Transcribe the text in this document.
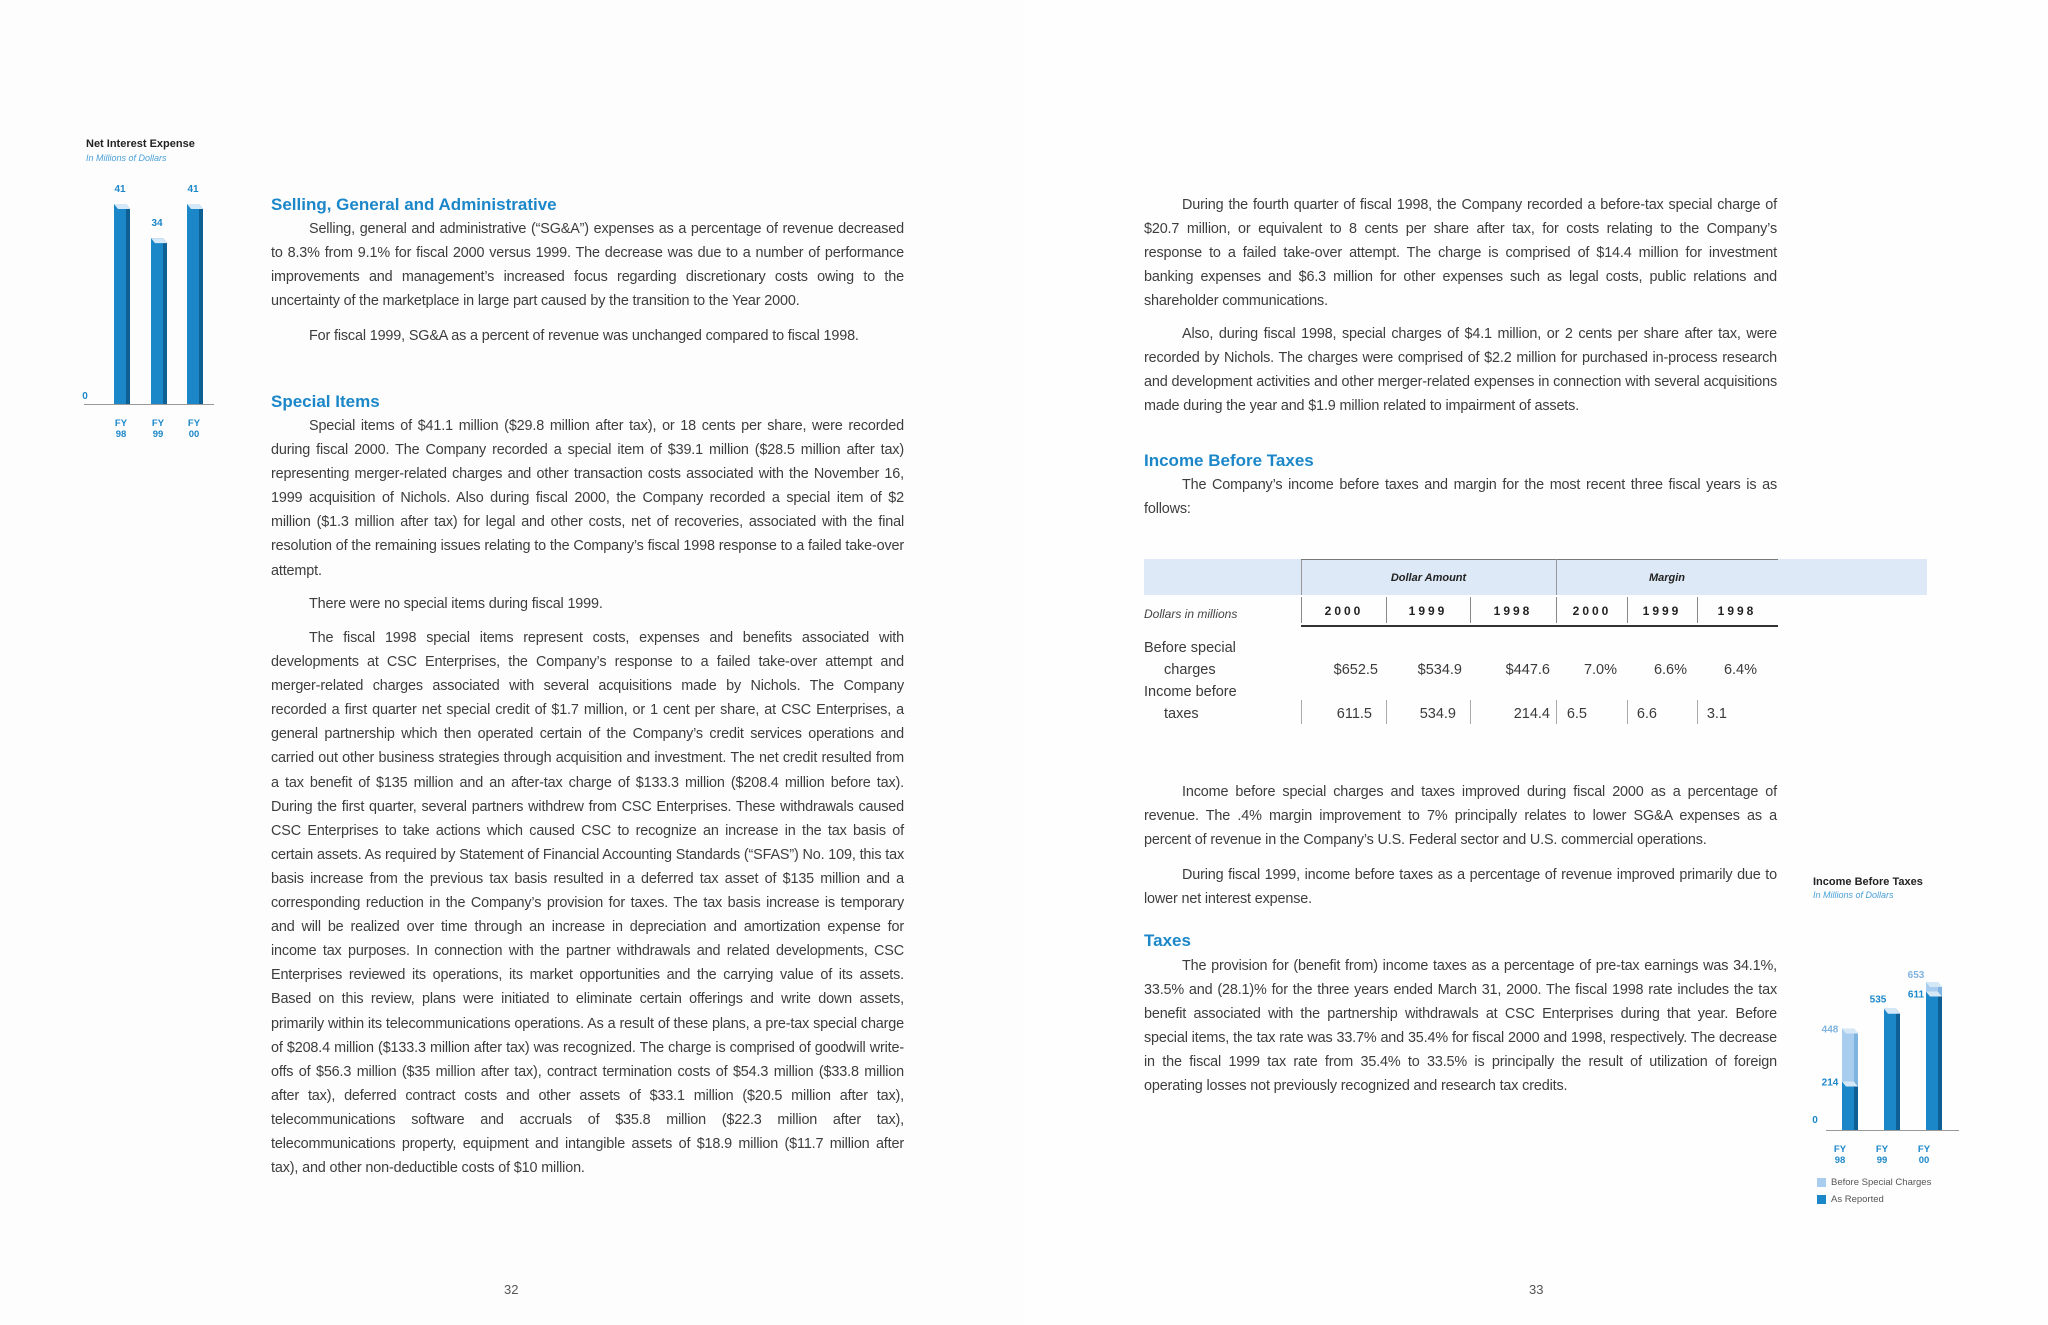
Net Interest Expense
In Millions of Dollars
41
34
41
0
FY
98
FY
99
FY
00
Selling, General and Administrative

Selling, general and administrative (“SG&A”) expenses as a percentage of revenue decreased to 8.3% from 9.1% for fiscal 2000 versus 1999. The decrease was due to a number of performance improvements and management’s increased focus regarding discretionary costs owing to the uncertainty of the marketplace in large part caused by the transition to the Year 2000.

For fiscal 1999, SG&A as a percent of revenue was unchanged compared to fiscal 1998.

Special Items

Special items of $41.1 million ($29.8 million after tax), or 18 cents per share, were recorded during fiscal 2000. The Company recorded a special item of $39.1 million ($28.5 million after tax) representing merger-related charges and other transaction costs associated with the November 16, 1999 acquisition of Nichols. Also during fiscal 2000, the Company recorded a special item of $2 million ($1.3 million after tax) for legal and other costs, net of recoveries, associated with the final resolution of the remaining issues relating to the Company’s fiscal 1998 response to a failed take-over attempt.

There were no special items during fiscal 1999.

The fiscal 1998 special items represent costs, expenses and benefits associated with developments at CSC Enterprises, the Company’s response to a failed take-over attempt and merger-related charges associated with several acquisitions made by Nichols. The Company recorded a first quarter net special credit of $1.7 million, or 1 cent per share, at CSC Enterprises, a general partnership which then operated certain of the Company’s credit services operations and carried out other business strategies through acquisition and investment. The net credit resulted from a tax benefit of $135 million and an after-tax charge of $133.3 million ($208.4 million before tax). During the first quarter, several partners withdrew from CSC Enterprises. These withdrawals caused CSC Enterprises to take actions which caused CSC to recognize an increase in the tax basis of certain assets. As required by Statement of Financial Accounting Standards (“SFAS”) No. 109, this tax basis increase from the previous tax basis resulted in a deferred tax asset of $135 million and a corresponding reduction in the Company’s provision for taxes. The tax basis increase is temporary and will be realized over time through an increase in depreciation and amortization expense for income tax purposes. In connection with the partner withdrawals and related developments, CSC Enterprises reviewed its operations, its market opportunities and the carrying value of its assets. Based on this review, plans were initiated to eliminate certain offerings and write down assets, primarily within its telecommunications operations. As a result of these plans, a pre-tax special charge of $208.4 million ($133.3 million after tax) was recognized. The charge is comprised of goodwill write-offs of $56.3 million ($35 million after tax), contract termination costs of $54.3 million ($33.8 million after tax), deferred contract costs and other assets of $33.1 million ($20.5 million after tax), telecommunications software and accruals of $35.8 million ($22.3 million after tax), telecommunications property, equipment and intangible assets of $18.9 million ($11.7 million after tax), and other non-deductible costs of $10 million.

32

During the fourth quarter of fiscal 1998, the Company recorded a before-tax special charge of $20.7 million, or equivalent to 8 cents per share after tax, for costs relating to the Company’s response to a failed take-over attempt. The charge is comprised of $14.4 million for investment banking expenses and $6.3 million for other expenses such as legal costs, public relations and shareholder communications.

Also, during fiscal 1998, special charges of $4.1 million, or 2 cents per share after tax, were recorded by Nichols. The charges were comprised of $2.2 million for purchased in-process research and development activities and other merger-related expenses in connection with several acquisitions made during the year and $1.9 million related to impairment of assets.

Income Before Taxes

The Company’s income before taxes and margin for the most recent three fiscal years is as follows:

Dollar Amount	Margin
Dollars in millions	2000	1999	1998	2000	1999	1998
Before special
charges	$652.5	$534.9	$447.6	7.0%	6.6%	6.4%
Income before
taxes	611.5	534.9	214.4	6.5	6.6	3.1

Income before special charges and taxes improved during fiscal 2000 as a percentage of revenue. The .4% margin improvement to 7% principally relates to lower SG&A expenses as a percent of revenue in the Company’s U.S. Federal sector and U.S. commercial operations.

During fiscal 1999, income before taxes as a percentage of revenue improved primarily due to lower net interest expense.

Taxes

The provision for (benefit from) income taxes as a percentage of pre-tax earnings was 34.1%, 33.5% and (28.1)% for the three years ended March 31, 2000. The fiscal 1998 rate includes the tax benefit associated with the partnership withdrawals at CSC Enterprises during that year. Before special items, the tax rate was 33.7% and 35.4% for fiscal 2000 and 1998, respectively. The decrease in the fiscal 1999 tax rate from 35.4% to 33.5% is principally the result of utilization of foreign operating losses not previously recognized and research tax credits.

Income Before Taxes
In Millions of Dollars
448
214
535
653
611
0
FY
98
FY
99
FY
00
Before Special Charges
As Reported
33
